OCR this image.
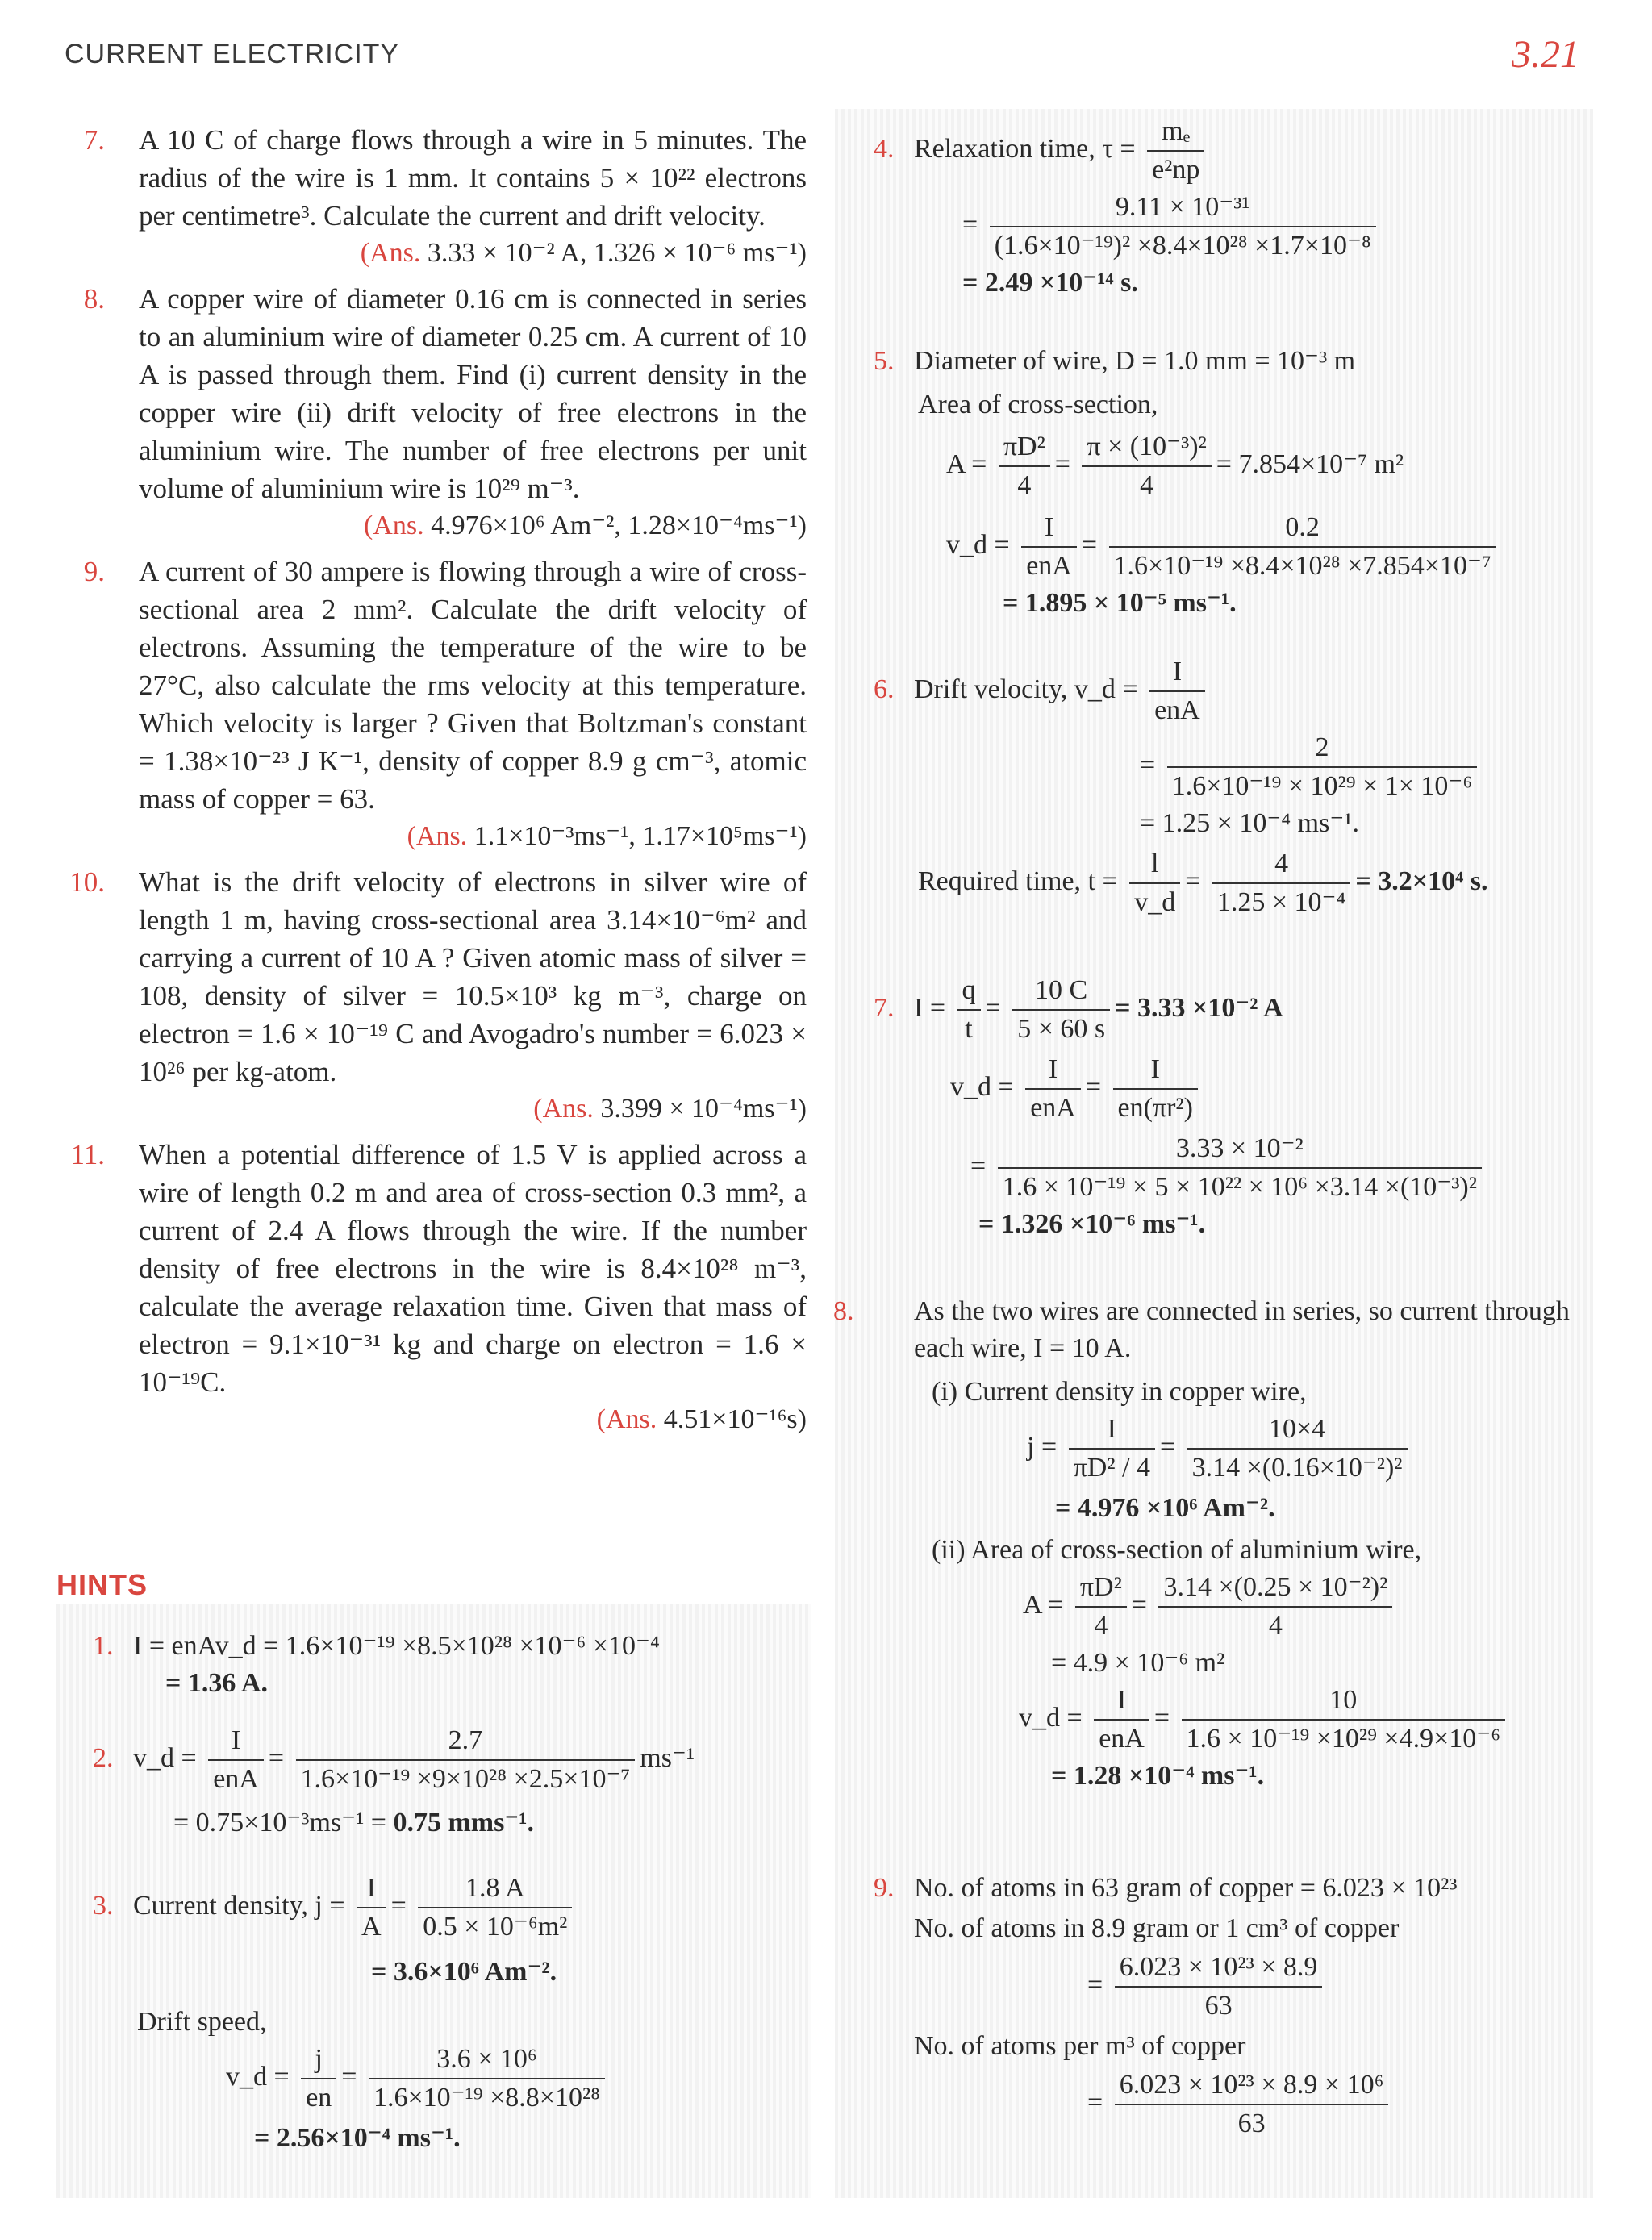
CURRENT ELECTRICITY	3.21
7. A 10 C of charge flows through a wire in 5 minutes. The radius of the wire is 1 mm. It contains 5 × 10²² electrons per centimetre³. Calculate the current and drift velocity.
(Ans. 3.33 × 10⁻² A, 1.326 × 10⁻⁶ ms⁻¹)
8. A copper wire of diameter 0.16 cm is connected in series to an aluminium wire of diameter 0.25 cm. A current of 10 A is passed through them. Find (i) current density in the copper wire (ii) drift velocity of free electrons in the aluminium wire. The number of free electrons per unit volume of aluminium wire is 10²⁹ m⁻³.
(Ans. 4.976×10⁶ Am⁻², 1.28×10⁻⁴ms⁻¹)
9. A current of 30 ampere is flowing through a wire of cross-sectional area 2 mm². Calculate the drift velocity of electrons. Assuming the temperature of the wire to be 27°C, also calculate the rms velocity at this temperature. Which velocity is larger ? Given that Boltzman's constant = 1.38×10⁻²³ J K⁻¹, density of copper 8.9 g cm⁻³, atomic mass of copper = 63.
(Ans. 1.1×10⁻³ms⁻¹, 1.17×10⁵ms⁻¹)
10. What is the drift velocity of electrons in silver wire of length 1 m, having cross-sectional area 3.14×10⁻⁶m² and carrying a current of 10 A ? Given atomic mass of silver = 108, density of silver = 10.5×10³ kg m⁻³, charge on electron = 1.6 × 10⁻¹⁹ C and Avogadro's number = 6.023 × 10²⁶ per kg-atom.
(Ans. 3.399 × 10⁻⁴ms⁻¹)
11. When a potential difference of 1.5 V is applied across a wire of length 0.2 m and area of cross-section 0.3 mm², a current of 2.4 A flows through the wire. If the number density of free electrons in the wire is 8.4×10²⁸ m⁻³, calculate the average relaxation time. Given that mass of electron = 9.1×10⁻³¹ kg and charge on electron = 1.6 × 10⁻¹⁹C.
(Ans. 4.51×10⁻¹⁶s)
HINTS
1. I = enAv_d = 1.6×10⁻¹⁹ ×8.5×10²⁸ ×10⁻⁶ ×10⁻⁴
= 1.36 A.
2. v_d = $\frac{I}{\text{enA}} = \frac{2.7}{\text{1.6×10⁻¹⁹ ×9×10²⁸ ×2.5×10⁻⁷}} ms^{-1}$
= 0.75×10⁻³ms⁻¹ = 0.75 mms⁻¹.
3. Current density, $j = \frac{I}{A} = \frac{1.8 A}{\text{0.5 × 10⁻⁶m²}}$
= 3.6×10⁶ Am⁻².
Drift speed,
v_d = $\frac{j}{en} = \frac{\text{3.6 × 10⁶}}{\text{1.6×10⁻¹⁹ ×8.8×10²⁸}}$
= 2.56×10⁻⁴ ms⁻¹.
4. Relaxation time, $\tau = \frac{\text{mₑ}}{\text{e²np}}$
= $\frac{\text{9.11 × 10⁻³¹}}{\text{(1.6×10⁻¹⁹)² ×8.4×10²⁸ ×1.7×10⁻⁸}}$
= 2.49 ×10⁻¹⁴ s.
5. Diameter of wire, D = 1.0 mm = 10⁻³ m
Area of cross-section,
$A = \frac{\text{πD²}}{4} = \frac{\text{π × (10⁻³)²}}{4} = 7.854\times 10^{-7}$ m²
v_d = $\frac{I}{\text{enA}} = \frac{0.2}{\text{1.6×10⁻¹⁹ ×8.4×10²⁸ ×7.854×10⁻⁷}}$
= 1.895 × 10⁻⁵ ms⁻¹.
6. Drift velocity, v_d = $\frac{I}{\text{enA}}$
= $\frac{2}{\text{1.6×10⁻¹⁹ × 10²⁹ × 1× 10⁻⁶}}$
= 1.25 × 10⁻⁴ ms⁻¹.
Required time, $t = \frac{l}{v\_d} = \frac{4}{\text{1.25 × 10⁻⁴}} = 3.2\times 10^4$ s.
7. $I = \frac{q}{t} = \frac{10 C}{5 \times 60 s} = 3.33 \times 10^{-2}$ A
v_d = $\frac{I}{\text{enA}} = \frac{I}{\text{en(πr²)}}$
= $\frac{\text{3.33 × 10⁻²}}{\text{1.6 × 10⁻¹⁹ × 5 × 10²² × 10⁶ ×3.14 ×(10⁻³)²}}$
= 1.326 ×10⁻⁶ ms⁻¹.
8. As the two wires are connected in series, so current through each wire, I = 10 A.
(i) Current density in copper wire,
$j = \frac{I}{\text{πD² / 4}} = \frac{10\times 4}{\text{3.14 ×(0.16×10⁻²)²}}$
= 4.976 ×10⁶ Am⁻².
(ii) Area of cross-section of aluminium wire,
$A = \frac{\text{πD²}}{4} = \frac{\text{3.14 ×(0.25 × 10⁻²)²}}{4}$
= 4.9 × 10⁻⁶ m²
v_d = $\frac{I}{\text{enA}} = \frac{10}{\text{1.6 × 10⁻¹⁹ ×10²⁹ ×4.9×10⁻⁶}}$
= 1.28 ×10⁻⁴ ms⁻¹.
9. No. of atoms in 63 gram of copper = 6.023 × 10²³
No. of atoms in 8.9 gram or 1 cm³ of copper
= $\frac{\text{6.023 × 10²³ × 8.9}}{63}$
No. of atoms per m³ of copper
= $\frac{\text{6.023 × 10²³ × 8.9 × 10⁶}}{63}$
